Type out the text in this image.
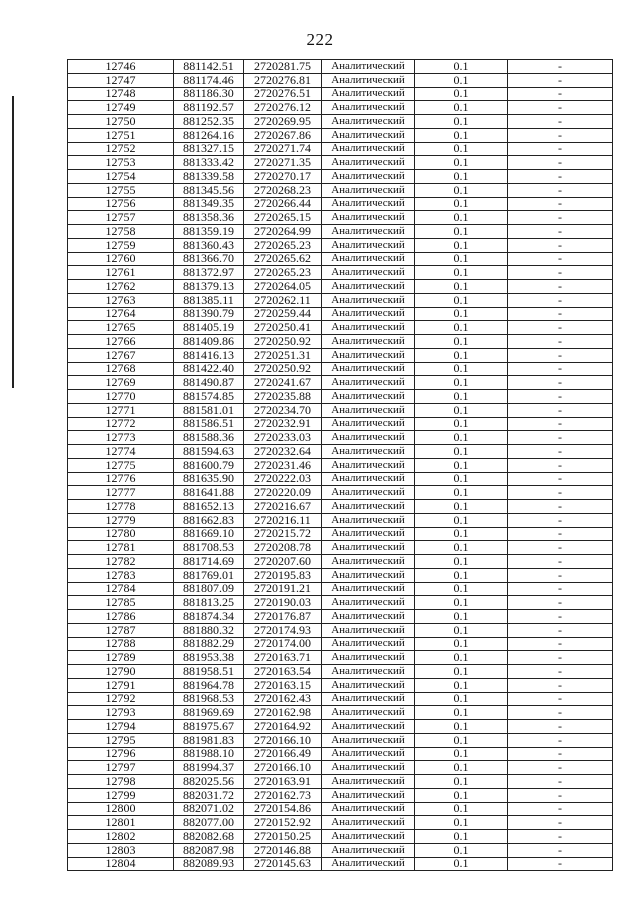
222
12746	881142.51	2720281.75	Аналитический	0.1	-
12747	881174.46	2720276.81	Аналитический	0.1	-
12748	881186.30	2720276.51	Аналитический	0.1	-
12749	881192.57	2720276.12	Аналитический	0.1	-
12750	881252.35	2720269.95	Аналитический	0.1	-
12751	881264.16	2720267.86	Аналитический	0.1	-
12752	881327.15	2720271.74	Аналитический	0.1	-
12753	881333.42	2720271.35	Аналитический	0.1	-
12754	881339.58	2720270.17	Аналитический	0.1	-
12755	881345.56	2720268.23	Аналитический	0.1	-
12756	881349.35	2720266.44	Аналитический	0.1	-
12757	881358.36	2720265.15	Аналитический	0.1	-
12758	881359.19	2720264.99	Аналитический	0.1	-
12759	881360.43	2720265.23	Аналитический	0.1	-
12760	881366.70	2720265.62	Аналитический	0.1	-
12761	881372.97	2720265.23	Аналитический	0.1	-
12762	881379.13	2720264.05	Аналитический	0.1	-
12763	881385.11	2720262.11	Аналитический	0.1	-
12764	881390.79	2720259.44	Аналитический	0.1	-
12765	881405.19	2720250.41	Аналитический	0.1	-
12766	881409.86	2720250.92	Аналитический	0.1	-
12767	881416.13	2720251.31	Аналитический	0.1	-
12768	881422.40	2720250.92	Аналитический	0.1	-
12769	881490.87	2720241.67	Аналитический	0.1	-
12770	881574.85	2720235.88	Аналитический	0.1	-
12771	881581.01	2720234.70	Аналитический	0.1	-
12772	881586.51	2720232.91	Аналитический	0.1	-
12773	881588.36	2720233.03	Аналитический	0.1	-
12774	881594.63	2720232.64	Аналитический	0.1	-
12775	881600.79	2720231.46	Аналитический	0.1	-
12776	881635.90	2720222.03	Аналитический	0.1	-
12777	881641.88	2720220.09	Аналитический	0.1	-
12778	881652.13	2720216.67	Аналитический	0.1	-
12779	881662.83	2720216.11	Аналитический	0.1	-
12780	881669.10	2720215.72	Аналитический	0.1	-
12781	881708.53	2720208.78	Аналитический	0.1	-
12782	881714.69	2720207.60	Аналитический	0.1	-
12783	881769.01	2720195.83	Аналитический	0.1	-
12784	881807.09	2720191.21	Аналитический	0.1	-
12785	881813.25	2720190.03	Аналитический	0.1	-
12786	881874.34	2720176.87	Аналитический	0.1	-
12787	881880.32	2720174.93	Аналитический	0.1	-
12788	881882.29	2720174.00	Аналитический	0.1	-
12789	881953.38	2720163.71	Аналитический	0.1	-
12790	881958.51	2720163.54	Аналитический	0.1	-
12791	881964.78	2720163.15	Аналитический	0.1	-
12792	881968.53	2720162.43	Аналитический	0.1	-
12793	881969.69	2720162.98	Аналитический	0.1	-
12794	881975.67	2720164.92	Аналитический	0.1	-
12795	881981.83	2720166.10	Аналитический	0.1	-
12796	881988.10	2720166.49	Аналитический	0.1	-
12797	881994.37	2720166.10	Аналитический	0.1	-
12798	882025.56	2720163.91	Аналитический	0.1	-
12799	882031.72	2720162.73	Аналитический	0.1	-
12800	882071.02	2720154.86	Аналитический	0.1	-
12801	882077.00	2720152.92	Аналитический	0.1	-
12802	882082.68	2720150.25	Аналитический	0.1	-
12803	882087.98	2720146.88	Аналитический	0.1	-
12804	882089.93	2720145.63	Аналитический	0.1	-
